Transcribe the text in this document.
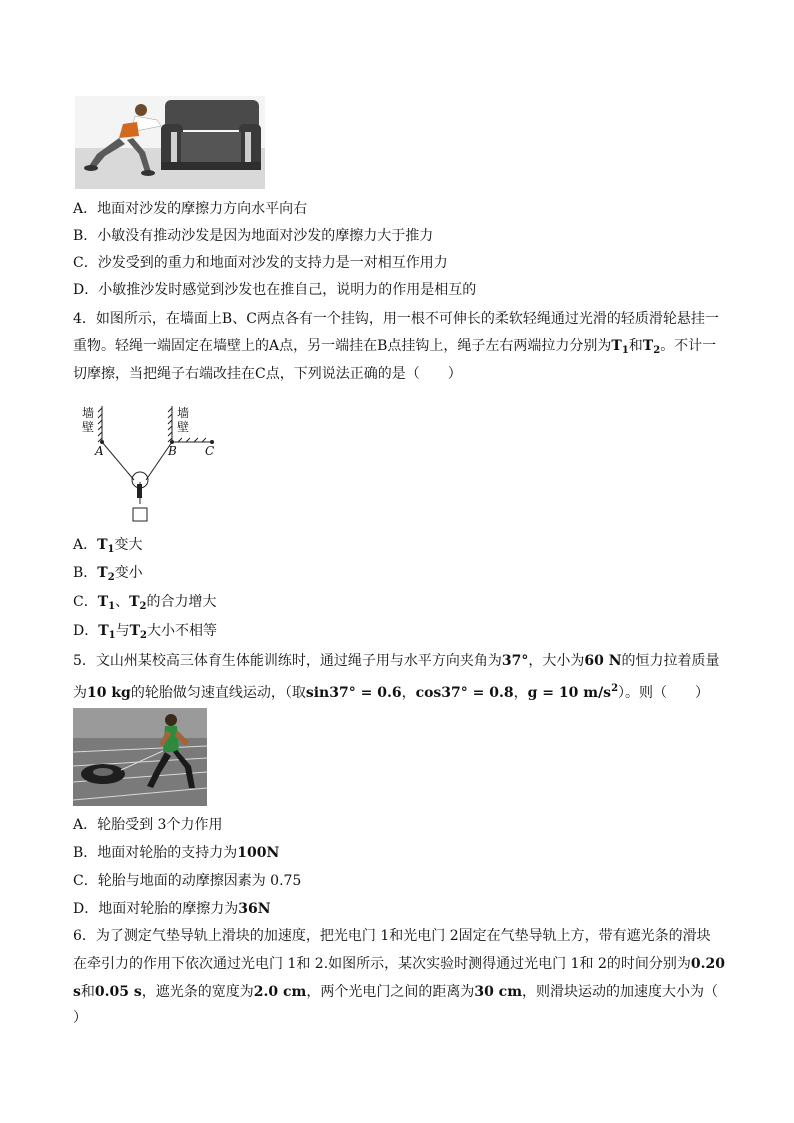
A．地面对沙发的摩擦力方向水平向右
B．小敏没有推动沙发是因为地面对沙发的摩擦力大于推力
C．沙发受到的重力和地面对沙发的支持力是一对相互作用力
D．小敏推沙发时感觉到沙发也在推自己，说明力的作用是相互的
4．如图所示，在墙面上B、C两点各有一个挂钩，用一根不可伸长的柔软轻绳通过光滑的轻质滑轮悬挂一
重物。轻绳一端固定在墙壁上的A点，另一端挂在B点挂钩上，绳子左右两端拉力分别为$T_1$和$T_2$。不计一
切摩擦，当把绳子右端改挂在C点，下列说法正确的是（　　）
墙
壁
墙
壁
A	B C
A．$T_1$变大
B．$T_2$变小
C．$T_1$、$T_2$的合力增大
D．$T_1$与$T_2$大小不相等
5．文山州某校高三体育生体能训练时，通过绳子用与水平方向夹角为37°，大小为60 N的恒力拉着质量
为10 kg的轮胎做匀速直线运动，（取sin37° = 0.6，cos37° = 0.8，g = 10 $m/s^2$）。则（　　）
A．轮胎受到 3个力作用
B．地面对轮胎的支持力为100N
C．轮胎与地面的动摩擦因素为 0.75
D．地面对轮胎的摩擦力为36N
6．为了测定气垫导轨上滑块的加速度，把光电门 1和光电门 2固定在气垫导轨上方，带有遮光条的滑块
在牵引力的作用下依次通过光电门 1和 2.如图所示，某次实验时测得通过光电门 1和 2的时间分别为0.20
s和0.05 s，遮光条的宽度为2.0 cm，两个光电门之间的距离为30 cm，则滑块运动的加速度大小为（
）
